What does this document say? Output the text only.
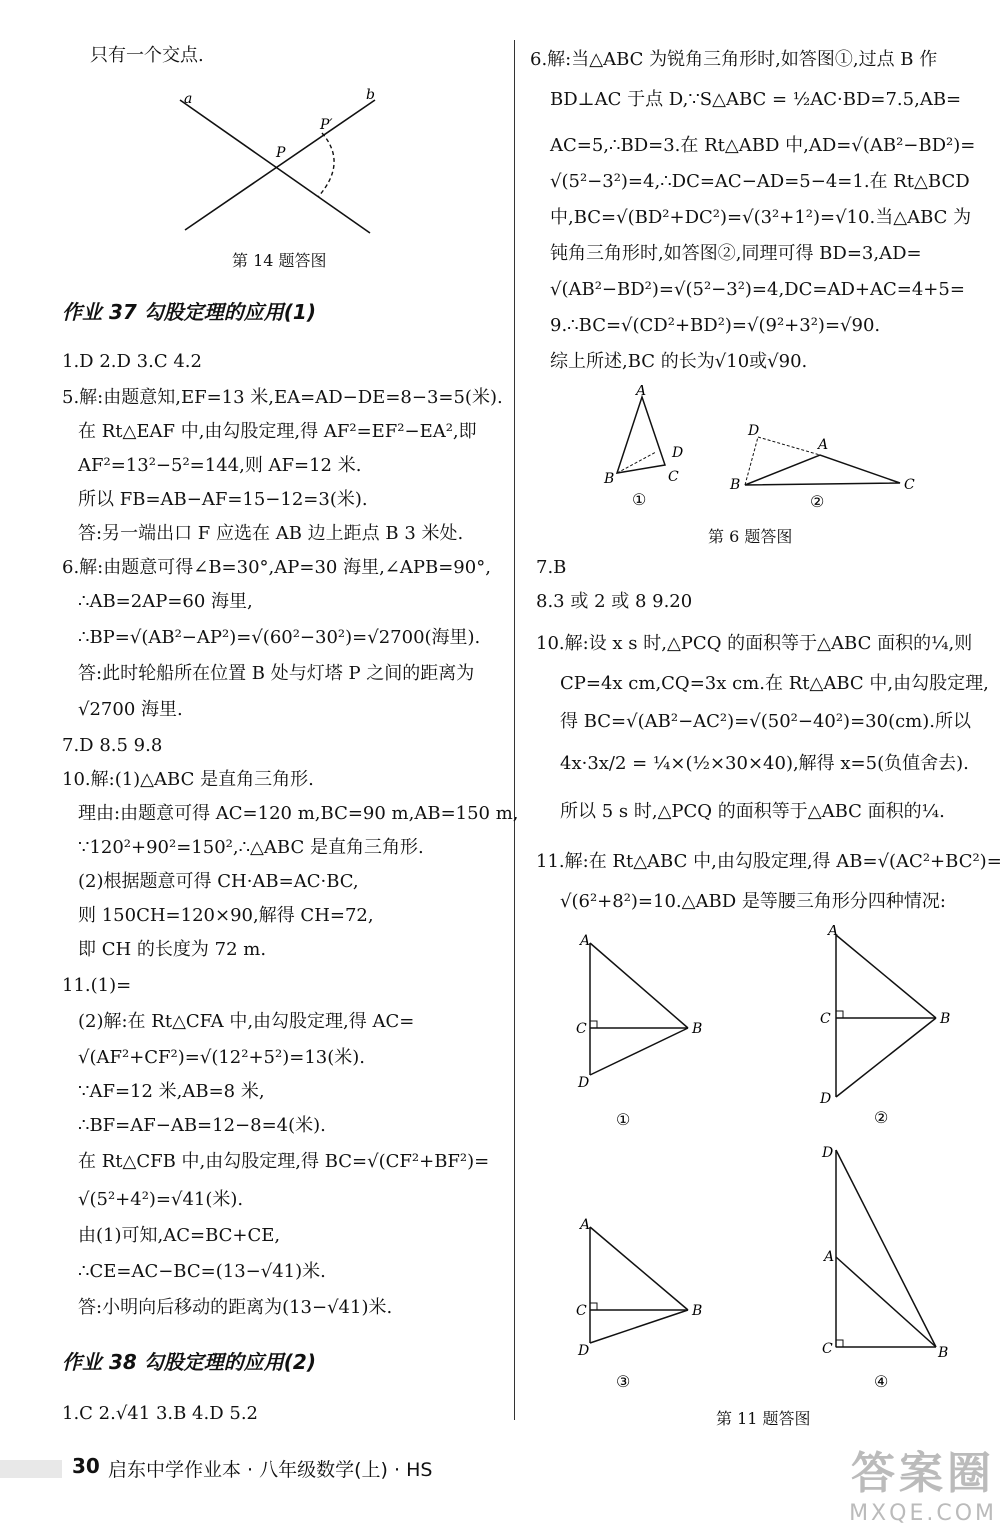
只有一个交点.
a	b
P
P′
第 14 题答图
作业 37 勾股定理的应用(1)
1.D 2.D 3.C 4.2
5.解:由题意知,EF=13 米,EA=AD−DE=8−3=5(米).
在 Rt△EAF 中,由勾股定理,得 AF²=EF²−EA²,即
AF²=13²−5²=144,则 AF=12 米.
所以 FB=AB−AF=15−12=3(米).
答:另一端出口 F 应选在 AB 边上距点 B 3 米处.
6.解:由题意可得∠B=30°,AP=30 海里,∠APB=90°,
∴AB=2AP=60 海里,
∴BP=√(AB²−AP²)=√(60²−30²)=√2700(海里).
答:此时轮船所在位置 B 处与灯塔 P 之间的距离为
√2700 海里.
7.D 8.5 9.8
10.解:(1)△ABC 是直角三角形.
理由:由题意可得 AC=120 m,BC=90 m,AB=150 m,
∵120²+90²=150²,∴△ABC 是直角三角形.
(2)根据题意可得 CH·AB=AC·BC,
则 150CH=120×90,解得 CH=72,
即 CH 的长度为 72 m.
11.(1)=
(2)解:在 Rt△CFA 中,由勾股定理,得 AC=
√(AF²+CF²)=√(12²+5²)=13(米).
∵AF=12 米,AB=8 米,
∴BF=AF−AB=12−8=4(米).
在 Rt△CFB 中,由勾股定理,得 BC=√(CF²+BF²)=
√(5²+4²)=√41(米).
由(1)可知,AC=BC+CE,
∴CE=AC−BC=(13−√41)米.
答:小明向后移动的距离为(13−√41)米.
作业 38 勾股定理的应用(2)
1.C 2.√41 3.B 4.D 5.2
6.解:当△ABC 为锐角三角形时,如答图①,过点 B 作
BD⊥AC 于点 D,∵S△ABC = ½AC·BD=7.5,AB=
AC=5,∴BD=3.在 Rt△ABD 中,AD=√(AB²−BD²)=
√(5²−3²)=4,∴DC=AC−AD=5−4=1.在 Rt△BCD
中,BC=√(BD²+DC²)=√(3²+1²)=√10.当△ABC 为
钝角三角形时,如答图②,同理可得 BD=3,AD=
√(AB²−BD²)=√(5²−3²)=4,DC=AD+AC=4+5=
9.∴BC=√(CD²+BD²)=√(9²+3²)=√90.
综上所述,BC 的长为√10或√90.
A
B	C
D
①
D
A
B	C
②
第 6 题答图
7.B
8.3 或 2 或 8 9.20
10.解:设 x s 时,△PCQ 的面积等于△ABC 面积的¼,则
CP=4x cm,CQ=3x cm.在 Rt△ABC 中,由勾股定理,
得 BC=√(AB²−AC²)=√(50²−40²)=30(cm).所以
4x·3x/2 = ¼×(½×30×40),解得 x=5(负值舍去).
所以 5 s 时,△PCQ 的面积等于△ABC 面积的¼.
11.解:在 Rt△ABC 中,由勾股定理,得 AB=√(AC²+BC²)=
√(6²+8²)=10.△ABD 是等腰三角形分四种情况:
A
C	B
D
①
A
C	B
D
②
A
C	B
D
③
D
A
C	B
④
第 11 题答图
30 启东中学作业本 · 八年级数学(上) · HS	答案圈
MXQE.COM
